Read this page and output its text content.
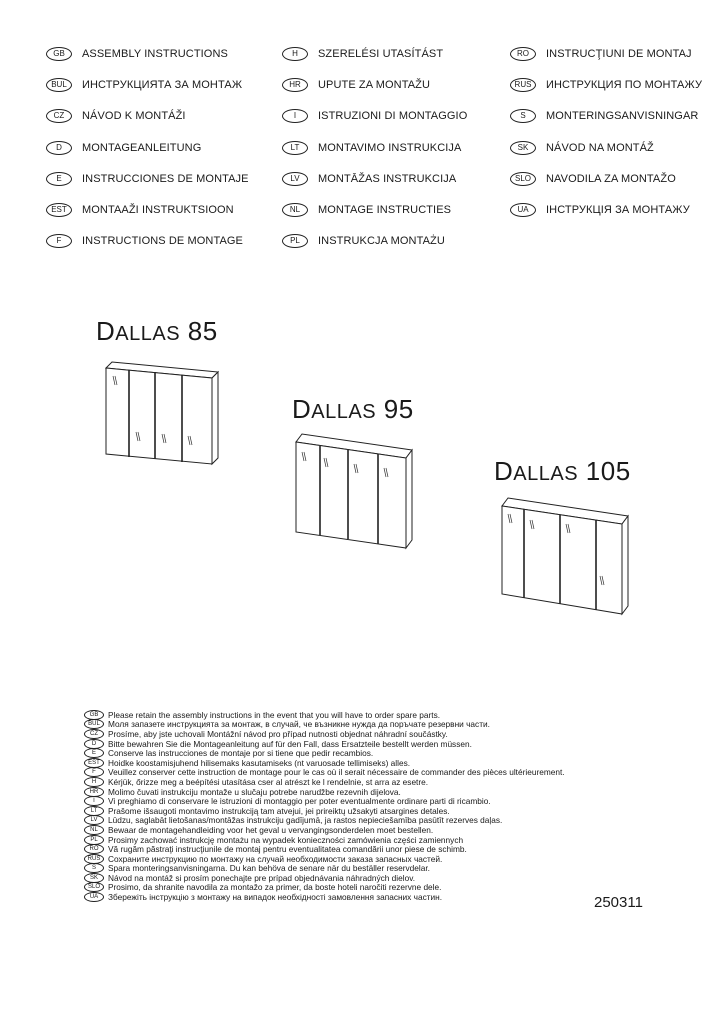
GB	ASSEMBLY INSTRUCTIONS
BUL	ИНСТРУКЦИЯТА ЗА МОНТАЖ
CZ	NÁVOD K MONTÁŽI
D	MONTAGEANLEITUNG
E	INSTRUCCIONES DE MONTAJE
EST	MONTAAŽI INSTRUKTSIOON
F	INSTRUCTIONS DE MONTAGE
H	SZERELÉSI UTASÍTÁST
HR	UPUTE ZA MONTAŽU
I	ISTRUZIONI DI MONTAGGIO
LT	MONTAVIMO INSTRUKCIJA
LV	MONTĀŽAS INSTRUKCIJA
NL	MONTAGE INSTRUCTIES
PL	INSTRUKCJA MONTAŻU
RO	INSTRUCŢIUNI DE MONTAJ
RUS	ИНСТРУКЦИЯ ПО МОНТАЖУ
S	MONTERINGSANVISNINGAR
SK	NÁVOD NA MONTÁŽ
SLO	NAVODILA ZA MONTAŽO
UA	ІНСТРУКЦІЯ ЗА МОНТАЖУ
DALLAS 85
DALLAS 95
DALLAS 105
GB	Please retain the assembly instructions in the event that you will have to order spare parts.
BUL Моля запазете инструкцията за монтаж, в случай, че възникне нужда да поръчате резервни части.
CZ	Prosíme, aby jste uchovali Montážní návod pro případ nutnosti objednat náhradní součástky.
D	Bitte bewahren Sie die Montageanleitung auf für den Fall, dass Ersatzteile bestellt werden müssen.
E	Conserve las instrucciones de montaje por si tiene que pedir recambios.
EST Hoidke koostamisjuhend hilisemaks kasutamiseks (nt varuosade tellimiseks) alles.
F	Veuillez conserver cette instruction de montage pour le cas où il serait nécessaire de commander des pièces ultérieurement.
H	Kérjük, őrizze meg a beépítési utasítása cser al atrészt ke l rendelnie, st arra az esetre.
HR	Molimo čuvati instrukciju montaže u slučaju potrebe narudžbe rezevnih dijelova.
I	Vi preghiamo di conservare le istruzioni di montaggio per poter eventualmente ordinare parti di ricambio.
LT	Prašome išsaugoti montavimo instrukciją tam atvejui, jei prireiktų užsakyti atsargines detales.
LV	Lūdzu, saglabāt lietošanas/montāžas instrukciju gadījumā, ja rastos nepieciešamība pasūtīt rezerves daļas.
NL	Bewaar de montagehandleiding voor het geval u vervangingsonderdelen moet bestellen.
PL	Prosimy zachować instrukcję montażu na wypadek konieczności zamówienia części zamiennych
RO	Vă rugăm păstraţi instrucţiunile de montaj pentru eventualitatea comandării unor piese de schimb.
RUS Сохраните инструкцию по монтажу на случай необходимости заказа запасных частей.
S	Spara monteringsanvisningarna. Du kan behöva de senare när du beställer reservdelar.
SK	Návod na montáž si prosím ponechajte pre prípad objednávania náhradných dielov.
SLO Prosimo, da shranite navodila za montažo za primer, da boste hoteli naročiti rezervne dele.
UA	Збережіть інструкцію з монтажу на випадок необхідності замовлення запасних частин.	250311
